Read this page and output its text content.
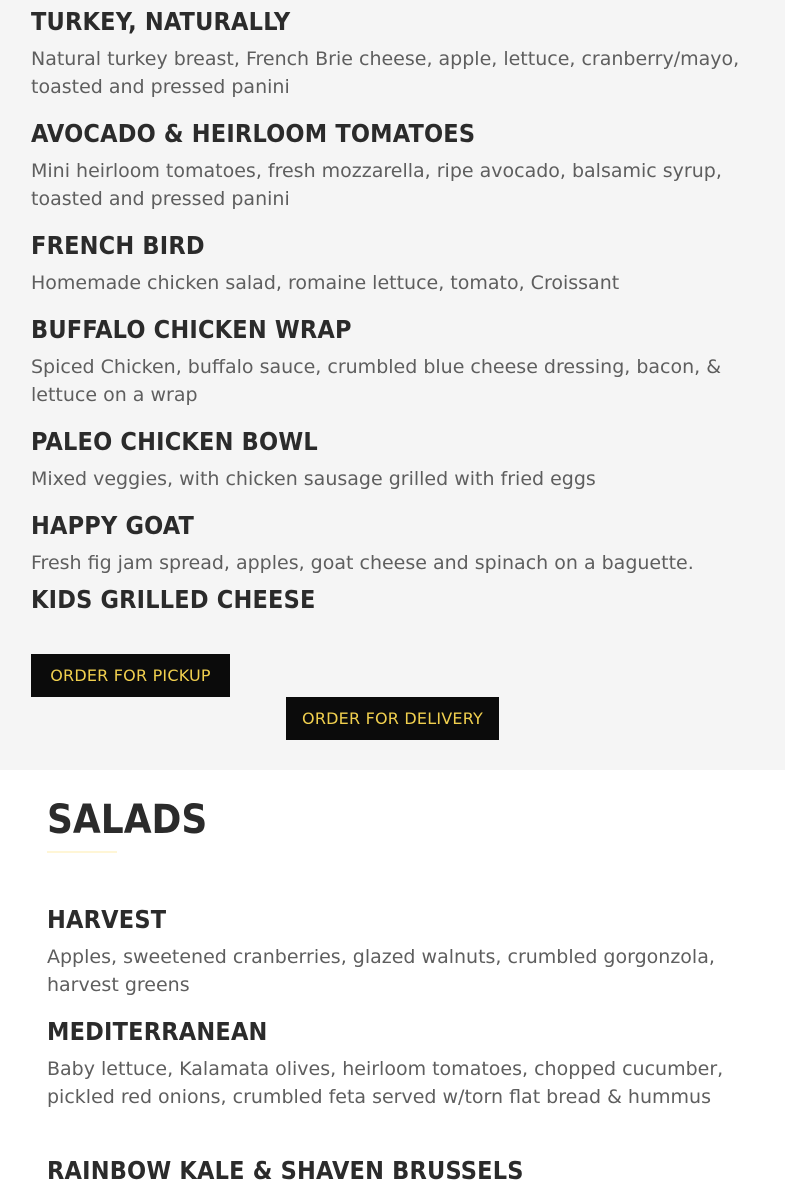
TURKEY, NATURALLY
Natural turkey breast, French Brie cheese, apple, lettuce, cranberry/mayo, toasted and pressed panini
AVOCADO & HEIRLOOM TOMATOES
Mini heirloom tomatoes, fresh mozzarella, ripe avocado, balsamic syrup, toasted and pressed panini
FRENCH BIRD
Homemade chicken salad, romaine lettuce, tomato, Croissant
BUFFALO CHICKEN WRAP
Spiced Chicken, buffalo sauce, crumbled blue cheese dressing, bacon, & lettuce on a wrap
PALEO CHICKEN BOWL
Mixed veggies, with chicken sausage grilled with fried eggs
HAPPY GOAT
Fresh fig jam spread, apples, goat cheese and spinach on a baguette.
KIDS GRILLED CHEESE
ORDER FOR PICKUP
ORDER FOR DELIVERY
SALADS
HARVEST
Apples, sweetened cranberries, glazed walnuts, crumbled gorgonzola, harvest greens
MEDITERRANEAN
Baby lettuce, Kalamata olives, heirloom tomatoes, chopped cucumber, pickled red onions, crumbled feta served w/torn flat bread & hummus
RAINBOW KALE & SHAVEN BRUSSELS
